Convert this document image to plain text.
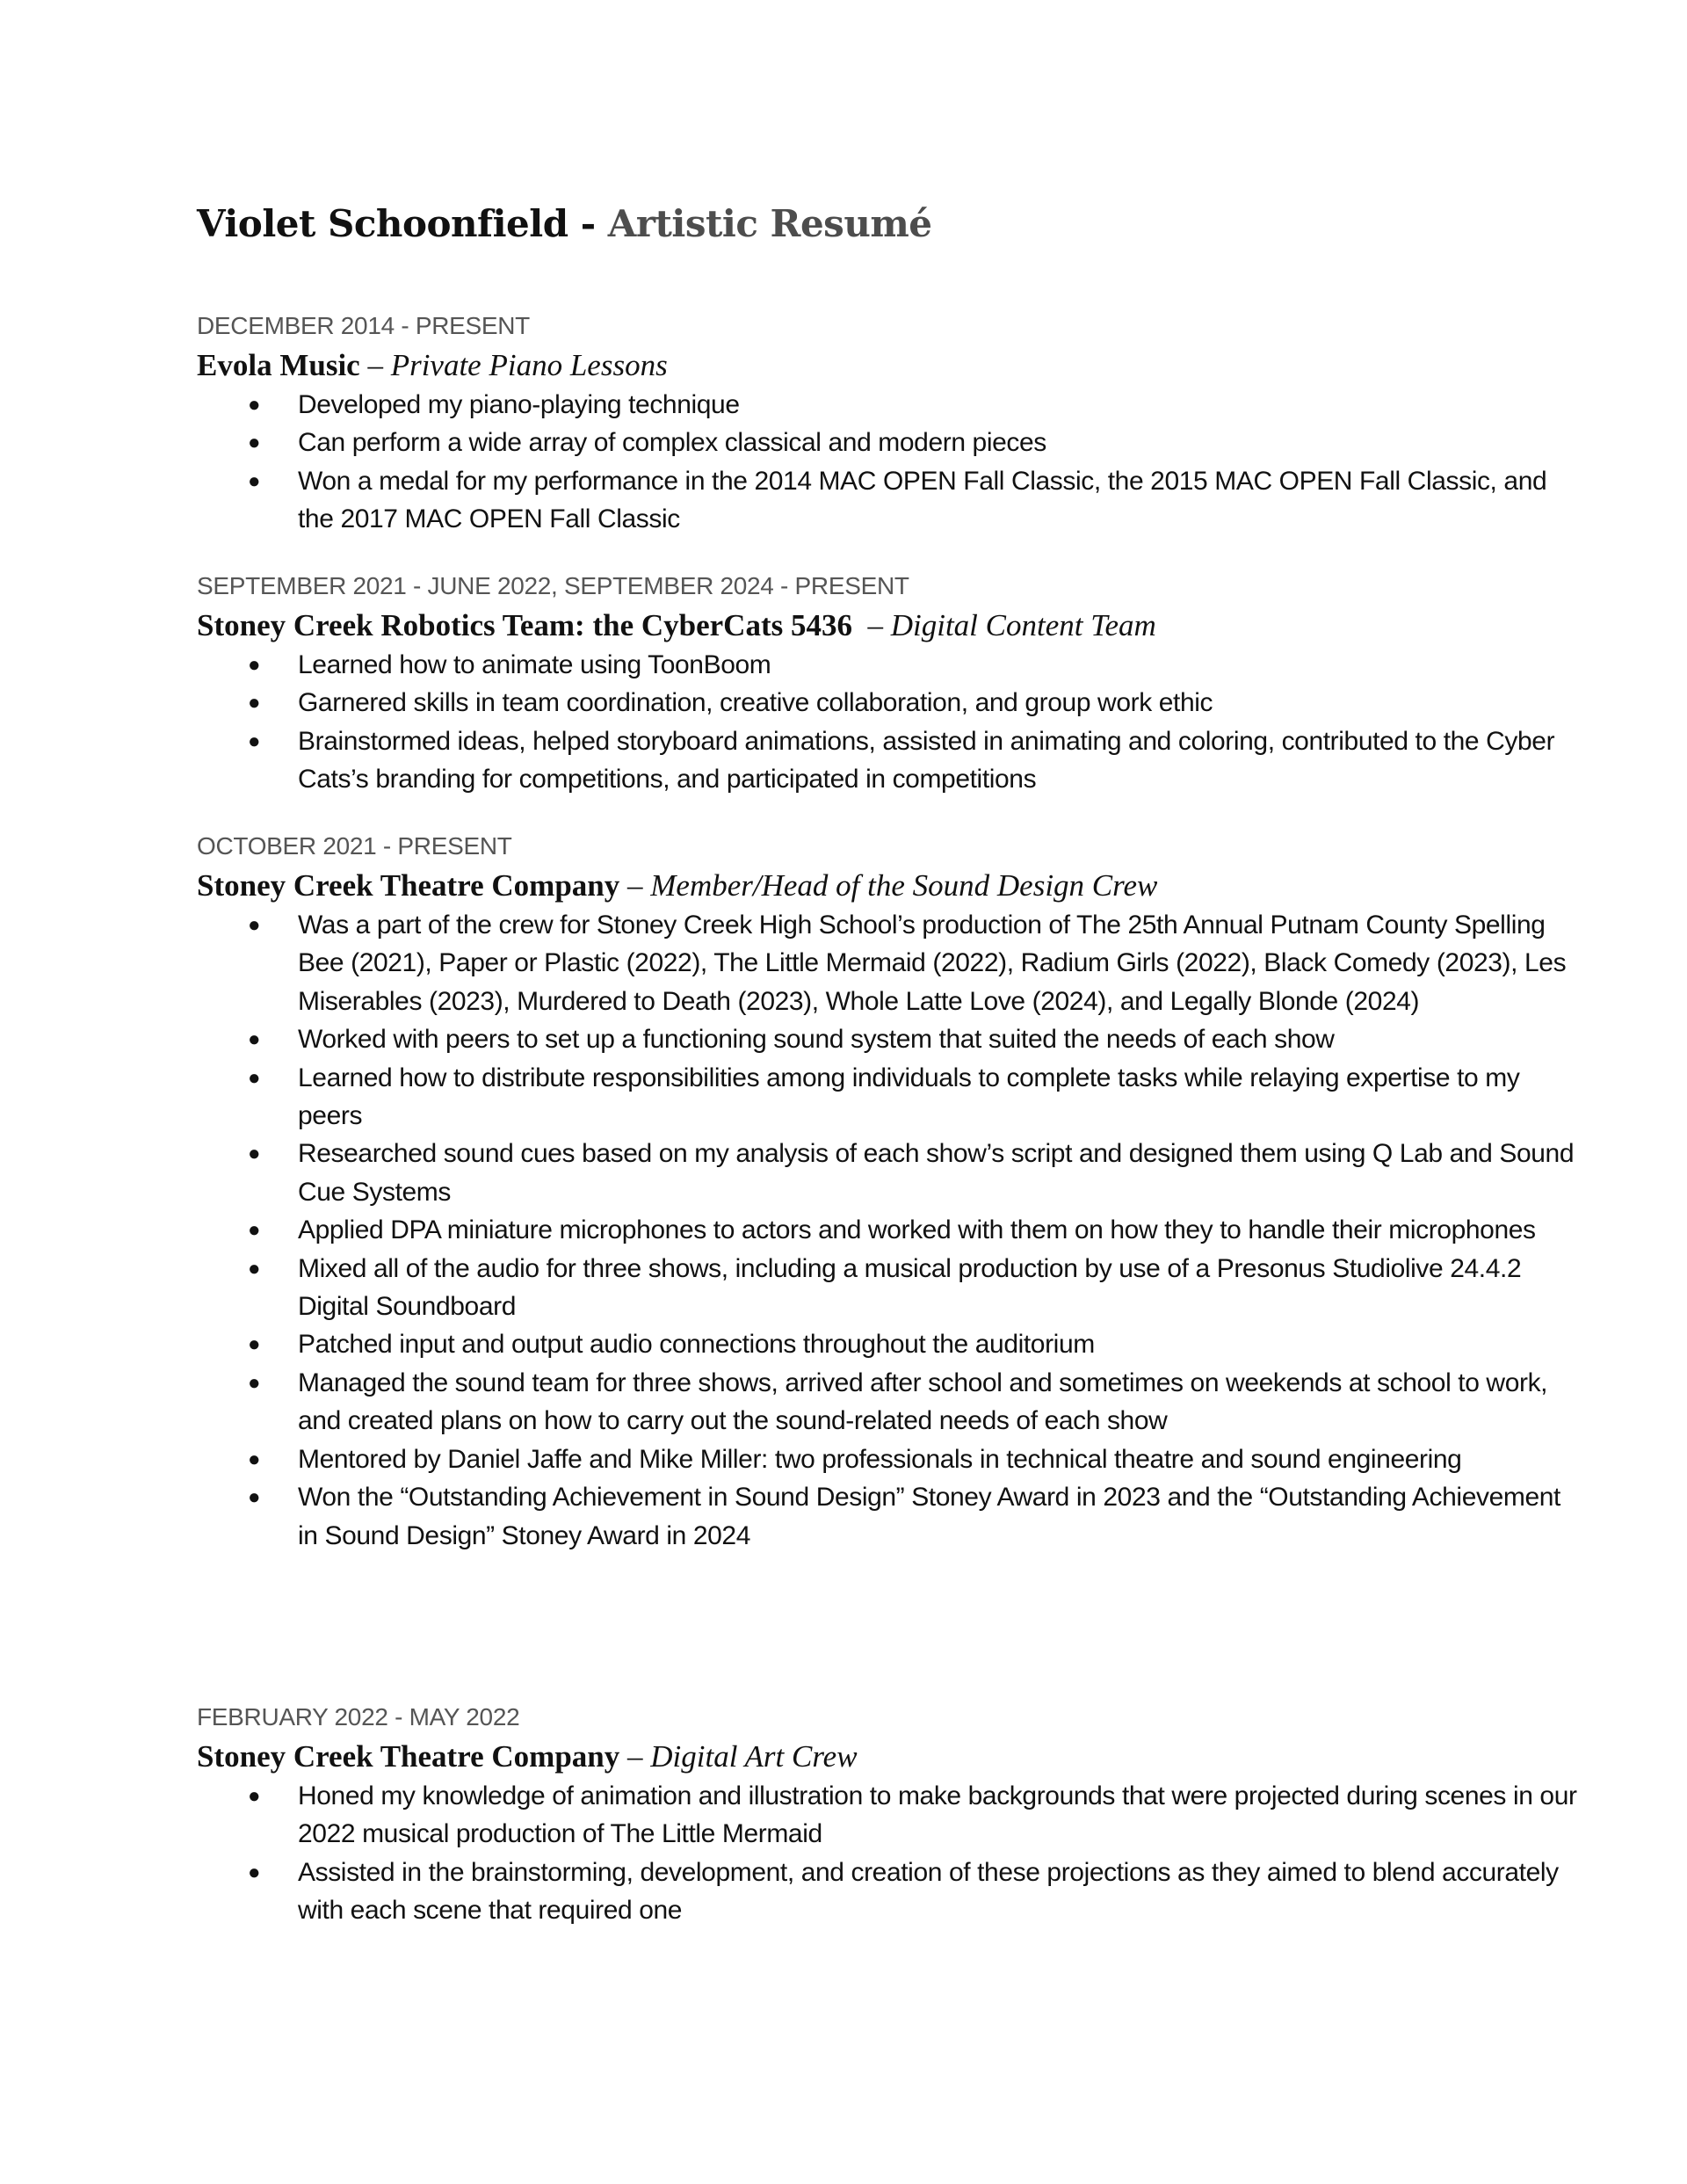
Violet Schoonfield - Artistic Resumé
DECEMBER 2014 - PRESENT
Evola Music – Private Piano Lessons
● Developed my piano-playing technique
● Can perform a wide array of complex classical and modern pieces
● Won a medal for my performance in the 2014 MAC OPEN Fall Classic, the 2015 MAC OPEN Fall Classic, and the 2017 MAC OPEN Fall Classic
SEPTEMBER 2021 - JUNE 2022, SEPTEMBER 2024 - PRESENT
Stoney Creek Robotics Team: the CyberCats 5436  – Digital Content Team
● Learned how to animate using ToonBoom
● Garnered skills in team coordination, creative collaboration, and group work ethic
● Brainstormed ideas, helped storyboard animations, assisted in animating and coloring, contributed to the Cyber Cats’s branding for competitions, and participated in competitions
OCTOBER 2021 - PRESENT
Stoney Creek Theatre Company – Member/Head of the Sound Design Crew
● Was a part of the crew for Stoney Creek High School’s production of The 25th Annual Putnam County Spelling Bee (2021), Paper or Plastic (2022), The Little Mermaid (2022), Radium Girls (2022), Black Comedy (2023), Les Miserables (2023), Murdered to Death (2023), Whole Latte Love (2024), and Legally Blonde (2024)
● Worked with peers to set up a functioning sound system that suited the needs of each show
● Learned how to distribute responsibilities among individuals to complete tasks while relaying expertise to my peers
● Researched sound cues based on my analysis of each show’s script and designed them using Q Lab and Sound Cue Systems
● Applied DPA miniature microphones to actors and worked with them on how they to handle their microphones
● Mixed all of the audio for three shows, including a musical production by use of a Presonus Studiolive 24.4.2 Digital Soundboard
● Patched input and output audio connections throughout the auditorium
● Managed the sound team for three shows, arrived after school and sometimes on weekends at school to work, and created plans on how to carry out the sound-related needs of each show
● Mentored by Daniel Jaffe and Mike Miller: two professionals in technical theatre and sound engineering
● Won the “Outstanding Achievement in Sound Design” Stoney Award in 2023 and the “Outstanding Achievement in Sound Design” Stoney Award in 2024
FEBRUARY 2022 - MAY 2022
Stoney Creek Theatre Company – Digital Art Crew
● Honed my knowledge of animation and illustration to make backgrounds that were projected during scenes in our 2022 musical production of The Little Mermaid
● Assisted in the brainstorming, development, and creation of these projections as they aimed to blend accurately with each scene that required one
